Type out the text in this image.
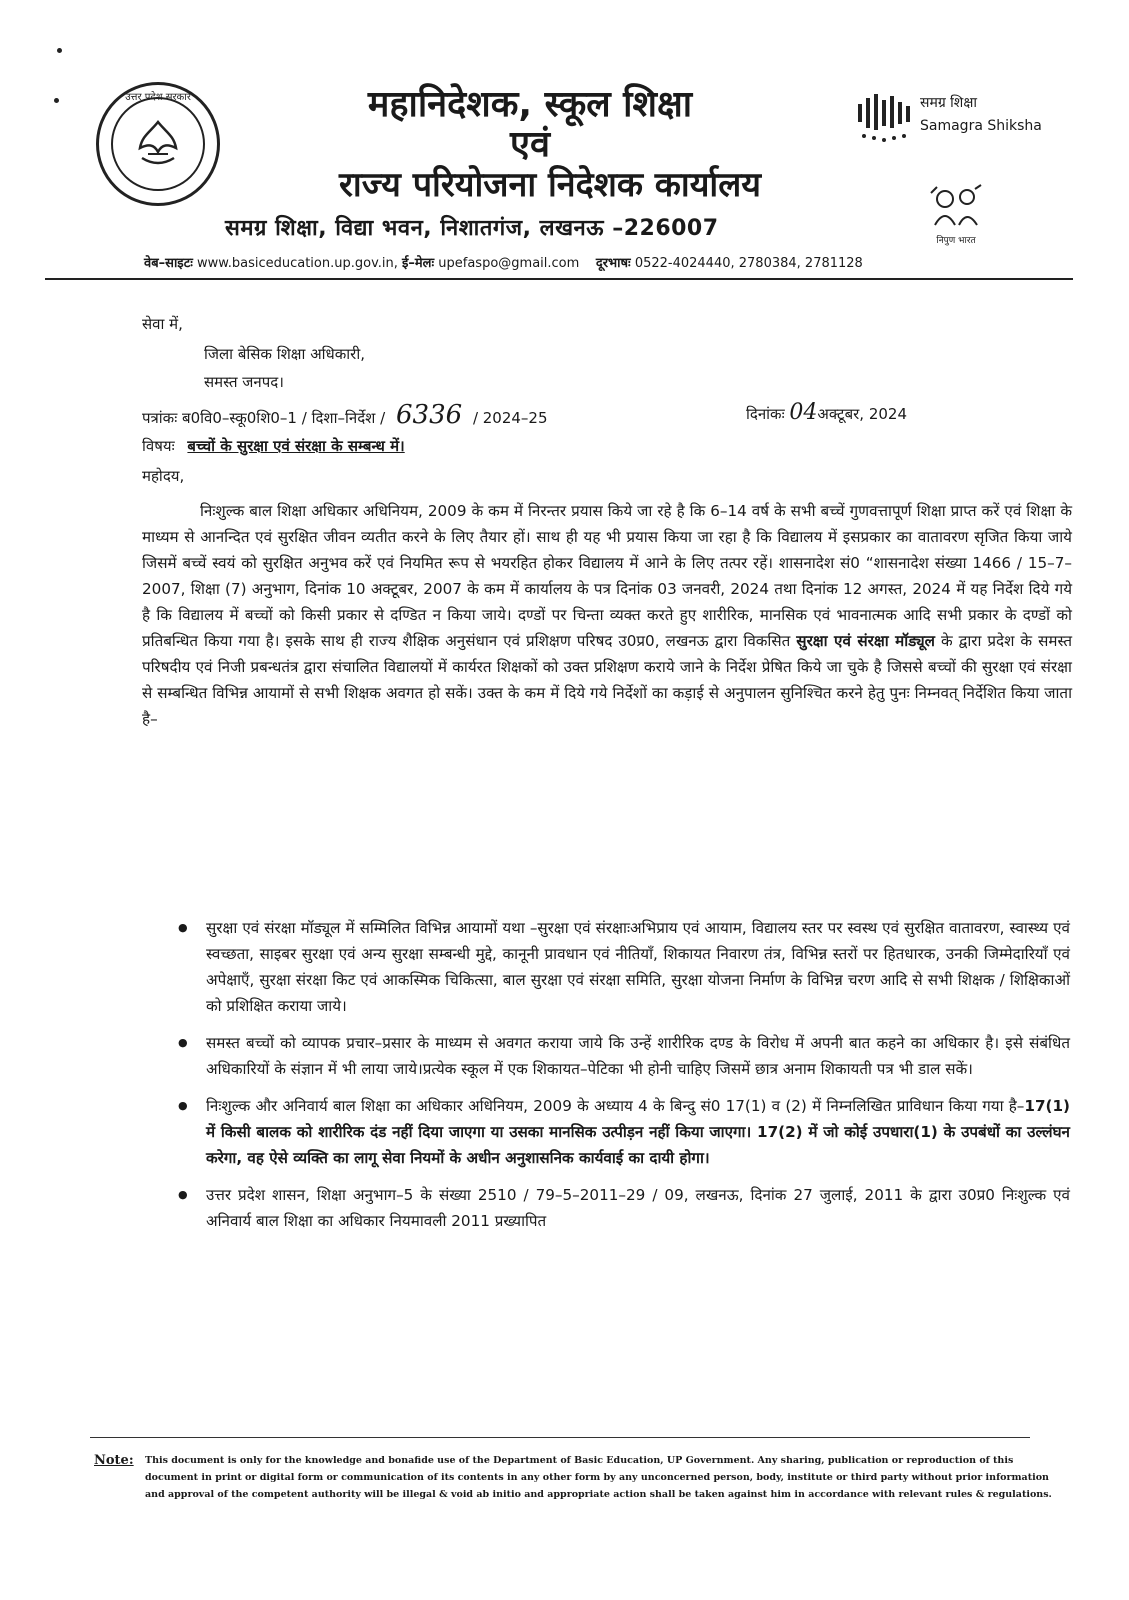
उत्तर प्रदेश सरकार	महानिदेशक, स्कूल शिक्षा
एवं
राज्य परियोजना निदेशक कार्यालय
समग्र शिक्षा, विद्या भवन, निशातगंज, लखनऊ –226007
समग्र शिक्षा
Samagra Shiksha
निपुण भारत
वेब–साइटः www.basiceducation.up.gov.in, ई–मेलः upefaspo@gmail.com दूरभाषः 0522-4024440, 2780384, 2781128
सेवा में,
जिला बेसिक शिक्षा अधिकारी,
समस्त जनपद।
पत्रांकः ब0वि0–स्कू0शि0–1 / दिशा–निर्देश / 6336 / 2024–25	दिनांकः 04अक्टूबर, 2024
विषयः बच्चों के सुरक्षा एवं संरक्षा के सम्बन्ध में।
महोदय,
निःशुल्क बाल शिक्षा अधिकार अधिनियम, 2009 के कम में निरन्तर प्रयास किये जा रहे है कि 6–14 वर्ष के सभी बच्चें गुणवत्तापूर्ण शिक्षा प्राप्त करें एवं शिक्षा के माध्यम से आनन्दित एवं सुरक्षित जीवन व्यतीत करने के लिए तैयार हों। साथ ही यह भी प्रयास किया जा रहा है कि विद्यालय में इसप्रकार का वातावरण सृजित किया जाये जिसमें बच्चें स्वयं को सुरक्षित अनुभव करें एवं नियमित रूप से भयरहित होकर विद्यालय में आने के लिए तत्पर रहें। शासनादेश सं0 “शासनादेश संख्या 1466 / 15–7–2007, शिक्षा (7) अनुभाग, दिनांक 10 अक्टूबर, 2007 के कम में कार्यालय के पत्र दिनांक 03 जनवरी, 2024 तथा दिनांक 12 अगस्त, 2024 में यह निर्देश दिये गये है कि विद्यालय में बच्चों को किसी प्रकार से दण्डित न किया जाये। दण्डों पर चिन्ता व्यक्त करते हुए शारीरिक, मानसिक एवं भावनात्मक आदि सभी प्रकार के दण्डों को प्रतिबन्धित किया गया है। इसके साथ ही राज्य शैक्षिक अनुसंधान एवं प्रशिक्षण परिषद उ0प्र0, लखनऊ द्वारा विकसित सुरक्षा एवं संरक्षा मॉड्यूल के द्वारा प्रदेश के समस्त परिषदीय एवं निजी प्रबन्धतंत्र द्वारा संचालित विद्यालयों में कार्यरत शिक्षकों को उक्त प्रशिक्षण कराये जाने के निर्देश प्रेषित किये जा चुके है जिससे बच्चों की सुरक्षा एवं संरक्षा से सम्बन्धित विभिन्न आयामों से सभी शिक्षक अवगत हो सकें। उक्त के कम में दिये गये निर्देशों का कड़ाई से अनुपालन सुनिश्चित करने हेतु पुनः निम्नवत् निर्देशित किया जाता है–
● सुरक्षा एवं संरक्षा मॉड्यूल में सम्मिलित विभिन्न आयामों यथा –सुरक्षा एवं संरक्षाःअभिप्राय एवं आयाम, विद्यालय स्तर पर स्वस्थ एवं सुरक्षित वातावरण, स्वास्थ्य एवं स्वच्छता, साइबर सुरक्षा एवं अन्य सुरक्षा सम्बन्धी मुद्दे, कानूनी प्रावधान एवं नीतियाँ, शिकायत निवारण तंत्र, विभिन्न स्तरों पर हितधारक, उनकी जिम्मेदारियाँ एवं अपेक्षाएँ, सुरक्षा संरक्षा किट एवं आकस्मिक चिकित्सा, बाल सुरक्षा एवं संरक्षा समिति, सुरक्षा योजना निर्माण के विभिन्न चरण आदि से सभी शिक्षक / शिक्षिकाओं को प्रशिक्षित कराया जाये।
● समस्त बच्चों को व्यापक प्रचार–प्रसार के माध्यम से अवगत कराया जाये कि उन्हें शारीरिक दण्ड के विरोध में अपनी बात कहने का अधिकार है। इसे संबंधित अधिकारियों के संज्ञान में भी लाया जाये।प्रत्येक स्कूल में एक शिकायत–पेटिका भी होनी चाहिए जिसमें छात्र अनाम शिकायती पत्र भी डाल सकें।
● निःशुल्क और अनिवार्य बाल शिक्षा का अधिकार अधिनियम, 2009 के अध्याय 4 के बिन्दु सं0 17(1) व (2) में निम्नलिखित प्राविधान किया गया है–17(1) में किसी बालक को शारीरिक दंड नहीं दिया जाएगा या उसका मानसिक उत्पीड़न नहीं किया जाएगा। 17(2) में जो कोई उपधारा(1) के उपबंधों का उल्लंघन करेगा, वह ऐसे व्यक्ति का लागू सेवा नियमों के अधीन अनुशासनिक कार्यवाई का दायी होगा।
● उत्तर प्रदेश शासन, शिक्षा अनुभाग–5 के संख्या 2510 / 79–5–2011–29 / 09, लखनऊ, दिनांक 27 जुलाई, 2011 के द्वारा उ0प्र0 निःशुल्क एवं अनिवार्य बाल शिक्षा का अधिकार नियमावली 2011 प्रख्यापित
Note: This document is only for the knowledge and bonafide use of the Department of Basic Education, UP Government. Any sharing, publication or reproduction of this document in print or digital form or communication of its contents in any other form by any unconcerned person, body, institute or third party without prior information and approval of the competent authority will be illegal & void ab initio and appropriate action shall be taken against him in accordance with relevant rules & regulations.
